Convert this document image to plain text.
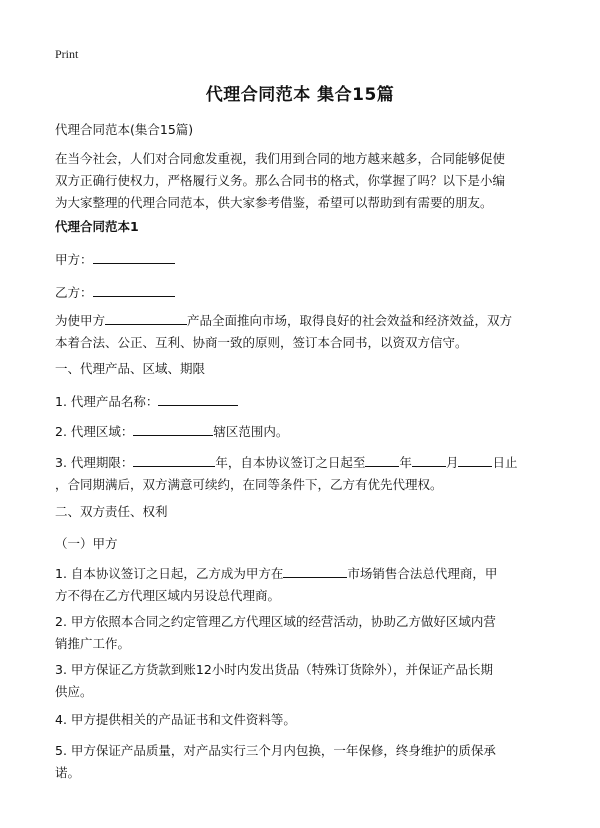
Print
代理合同范本 集合15篇
代理合同范本(集合15篇)
在当今社会，人们对合同愈发重视，我们用到合同的地方越来越多，合同能够促使
双方正确行使权力，严格履行义务。那么合同书的格式，你掌握了吗？以下是小编
为大家整理的代理合同范本，供大家参考借鉴，希望可以帮助到有需要的朋友。
代理合同范本1
甲方：
乙方：
为使甲方	产品全面推向市场，取得良好的社会效益和经济效益，双方
本着合法、公正、互利、协商一致的原则，签订本合同书，以资双方信守。
一、代理产品、区域、期限
1. 代理产品名称：
2. 代理区域：	辖区范围内。
3. 代理期限：	年，自本协议签订之日起至	年	月	日止
，合同期满后，双方满意可续约，在同等条件下，乙方有优先代理权。
二、双方责任、权利
（一）甲方
1. 自本协议签订之日起，乙方成为甲方在	市场销售合法总代理商，甲
方不得在乙方代理区域内另设总代理商。
2. 甲方依照本合同之约定管理乙方代理区域的经营活动，协助乙方做好区域内营
销推广工作。
3. 甲方保证乙方货款到账12小时内发出货品（特殊订货除外），并保证产品长期
供应。
4. 甲方提供相关的产品证书和文件资料等。
5. 甲方保证产品质量，对产品实行三个月内包换，一年保修，终身维护的质保承
诺。
